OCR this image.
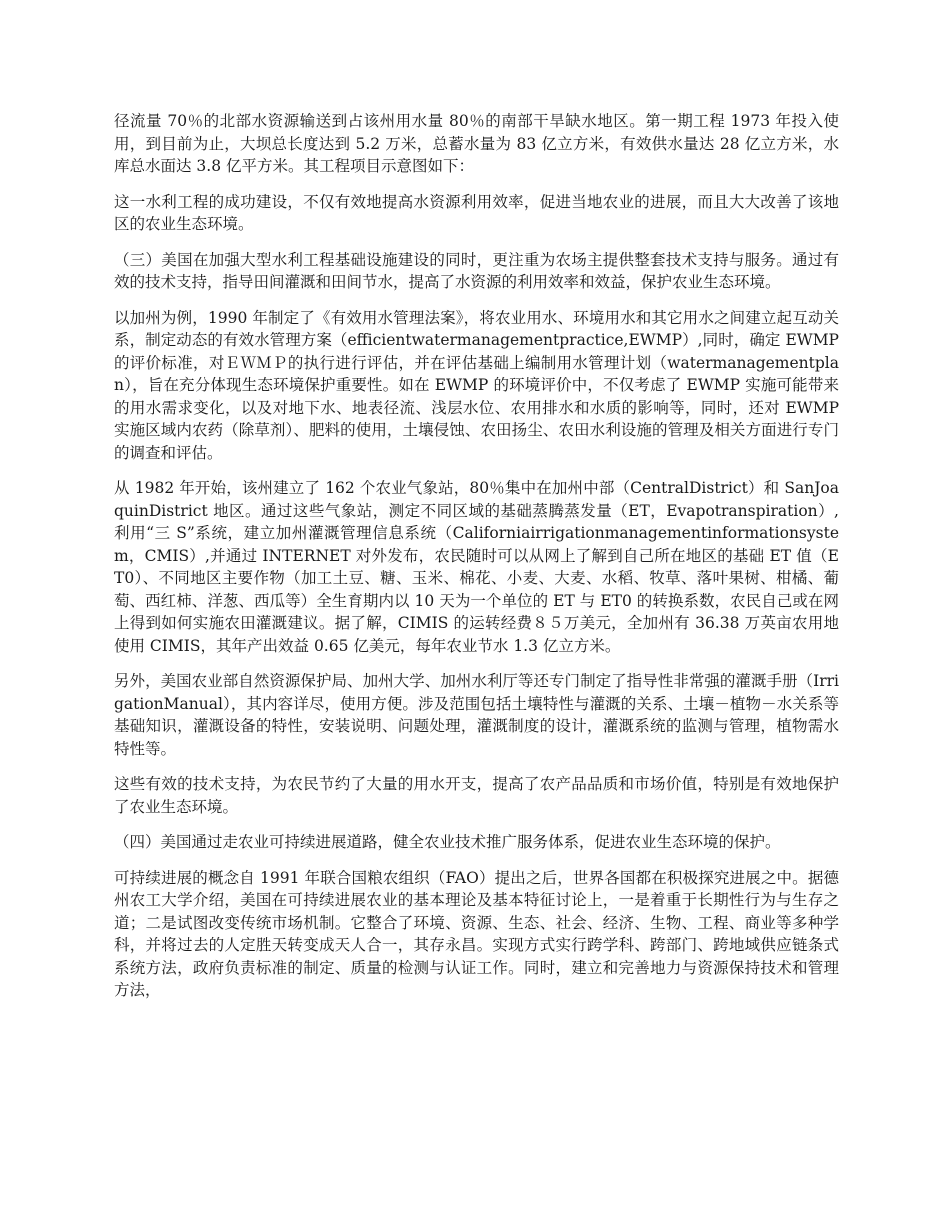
径流量 70％的北部水资源输送到占该州用水量 80％的南部干旱缺水地区。第一期工程 1973 年投入使用，到目前为止，大坝总长度达到 5.2 万米，总蓄水量为 83 亿立方米，有效供水量达 28 亿立方米，水库总水面达 3.8 亿平方米。其工程项目示意图如下：

这一水利工程的成功建设，不仅有效地提高水资源利用效率，促进当地农业的进展，而且大大改善了该地区的农业生态环境。

（三）美国在加强大型水利工程基础设施建设的同时，更注重为农场主提供整套技术支持与服务。通过有效的技术支持，指导田间灌溉和田间节水，提高了水资源的利用效率和效益，保护农业生态环境。

以加州为例，1990 年制定了《有效用水管理法案》，将农业用水、环境用水和其它用水之间建立起互动关系，制定动态的有效水管理方案（efficientwatermanagementpractice,EWMP）,同时，确定 EWMP 的评价标准，对ＥＷＭＰ的执行进行评估，并在评估基础上编制用水管理计划（watermanagementplan），旨在充分体现生态环境保护重要性。如在 EWMP 的环境评价中，不仅考虑了 EWMP 实施可能带来的用水需求变化，以及对地下水、地表径流、浅层水位、农用排水和水质的影响等，同时，还对 EWMP 实施区域内农药（除草剂）、肥料的使用，土壤侵蚀、农田扬尘、农田水利设施的管理及相关方面进行专门的调查和评估。

从 1982 年开始，该州建立了 162 个农业气象站，80％集中在加州中部（CentralDistrict）和 SanJoaquinDistrict 地区。通过这些气象站，测定不同区域的基础蒸腾蒸发量（ET，Evapotranspiration）,利用“三 S”系统，建立加州灌溉管理信息系统（Californiairrigationmanagementinformationsystem，CMIS）,并通过 INTERNET 对外发布，农民随时可以从网上了解到自己所在地区的基础 ET 值（ET0）、不同地区主要作物（加工土豆、糖、玉米、棉花、小麦、大麦、水稻、牧草、落叶果树、柑橘、葡萄、西红柿、洋葱、西瓜等）全生育期内以 10 天为一个单位的 ET 与 ET0 的转换系数，农民自己或在网上得到如何实施农田灌溉建议。据了解，CIMIS 的运转经费８５万美元，全加州有 36.38 万英亩农用地使用 CIMIS，其年产出效益 0.65 亿美元，每年农业节水 1.3 亿立方米。

另外，美国农业部自然资源保护局、加州大学、加州水利厅等还专门制定了指导性非常强的灌溉手册（IrrigationManual），其内容详尽，使用方便。涉及范围包括土壤特性与灌溉的关系、土壤－植物－水关系等基础知识，灌溉设备的特性，安装说明、问题处理，灌溉制度的设计，灌溉系统的监测与管理，植物需水特性等。

这些有效的技术支持，为农民节约了大量的用水开支，提高了农产品品质和市场价值，特别是有效地保护了农业生态环境。

（四）美国通过走农业可持续进展道路，健全农业技术推广服务体系，促进农业生态环境的保护。

可持续进展的概念自 1991 年联合国粮农组织（FAO）提出之后，世界各国都在积极探究进展之中。据德州农工大学介绍，美国在可持续进展农业的基本理论及基本特征讨论上，一是着重于长期性行为与生存之道；二是试图改变传统市场机制。它整合了环境、资源、生态、社会、经济、生物、工程、商业等多种学科，并将过去的人定胜天转变成天人合一，其存永昌。实现方式实行跨学科、跨部门、跨地域供应链条式系统方法，政府负责标准的制定、质量的检测与认证工作。同时，建立和完善地力与资源保持技术和管理方法，
